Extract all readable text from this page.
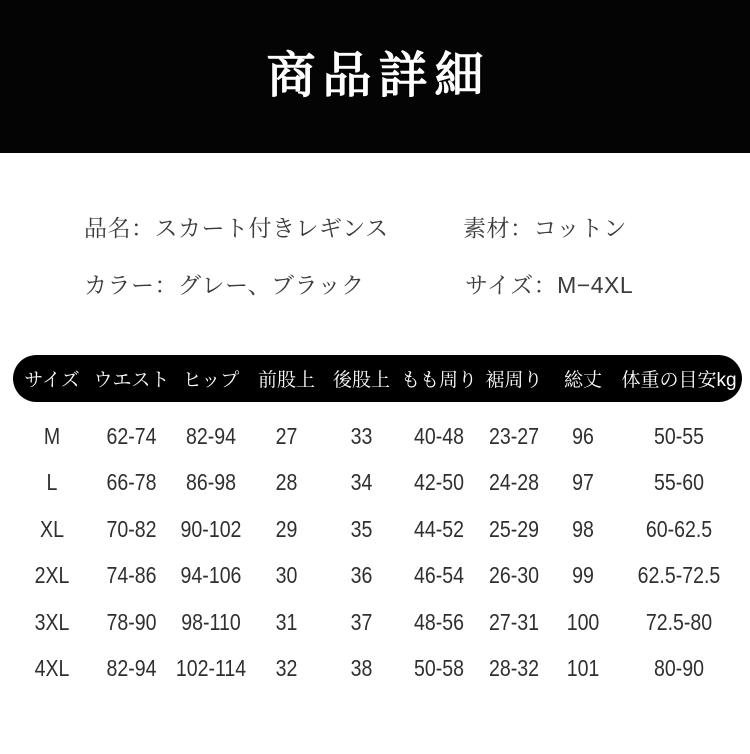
商品詳細
品名：スカート付きレギンス	素材：コットン
カラー：グレー、ブラック	サイズ：M−4XL
サイズ ウエスト ヒップ 前股上 後股上 もも周り 裾周り	総丈	体重の目安kg
M	62-74	82-94	27	33	40-48	23-27	96	50-55
L	66-78	86-98	28	34	42-50	24-28	97	55-60
XL	70-82	90-102	29	35	44-52	25-29	98	60-62.5
2XL	74-86	94-106	30	36	46-54	26-30	99	62.5-72.5
3XL	78-90	98-110	31	37	48-56	27-31	100	72.5-80
4XL	82-94 102-114	32	38	50-58	28-32	101	80-90
